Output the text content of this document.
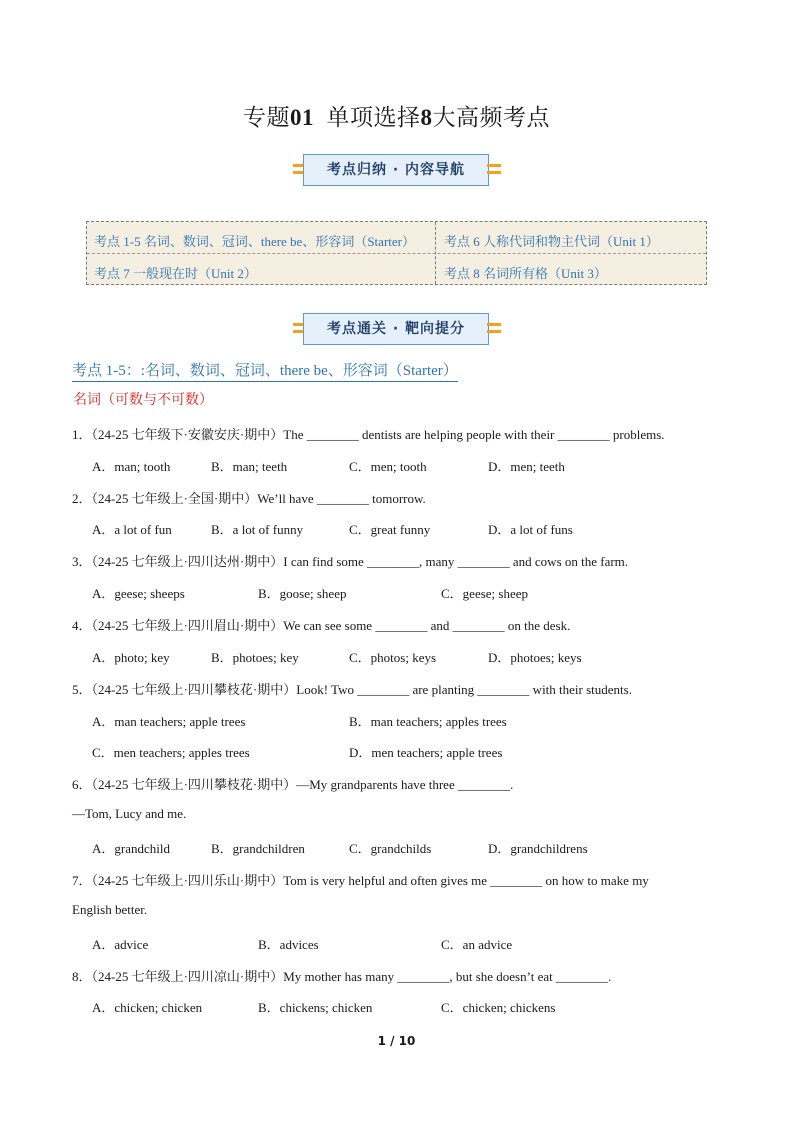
专题01 单项选择8大高频考点
考点归纳 · 内容导航
考点 1-5 名词、数词、冠词、there be、形容词（Starter）	考点 6 人称代词和物主代词（Unit 1）
考点 7 一般现在时（Unit 2）	考点 8 名词所有格（Unit 3）
考点通关 · 靶向提分
考点 1-5：:名词、数词、冠词、there be、形容词（Starter）
名词（可数与不可数）
1．（24-25 七年级下·安徽安庆·期中）The ________ dentists are helping people with their ________ problems.
A．man; tooth	B．man; teeth	C．men; tooth	D．men; teeth
2．（24-25 七年级上·全国·期中）We’ll have ________ tomorrow.
A．a lot of fun	B．a lot of funny	C．great funny	D．a lot of funs
3．（24-25 七年级上·四川达州·期中）I can find some ________, many ________ and cows on the farm.
A．geese; sheeps	B．goose; sheep	C．geese; sheep
4．（24-25 七年级上·四川眉山·期中）We can see some ________ and ________ on the desk.
A．photo; key	B．photoes; key	C．photos; keys	D．photoes; keys
5．（24-25 七年级上·四川攀枝花·期中）Look! Two ________ are planting ________ with their students.
A．man teachers; apple trees	B．man teachers; apples trees
C．men teachers; apples trees	D．men teachers; apple trees
6．（24-25 七年级上·四川攀枝花·期中）—My grandparents have three ________.
—Tom, Lucy and me.
A．grandchild	B．grandchildren	C．grandchilds	D．grandchildrens
7．（24-25 七年级上·四川乐山·期中）Tom is very helpful and often gives me ________ on how to make my
English better.
A．advice	B．advices	C．an advice
8．（24-25 七年级上·四川凉山·期中）My mother has many ________, but she doesn’t eat ________.
A．chicken; chicken	B．chickens; chicken	C．chicken; chickens
1 / 10
